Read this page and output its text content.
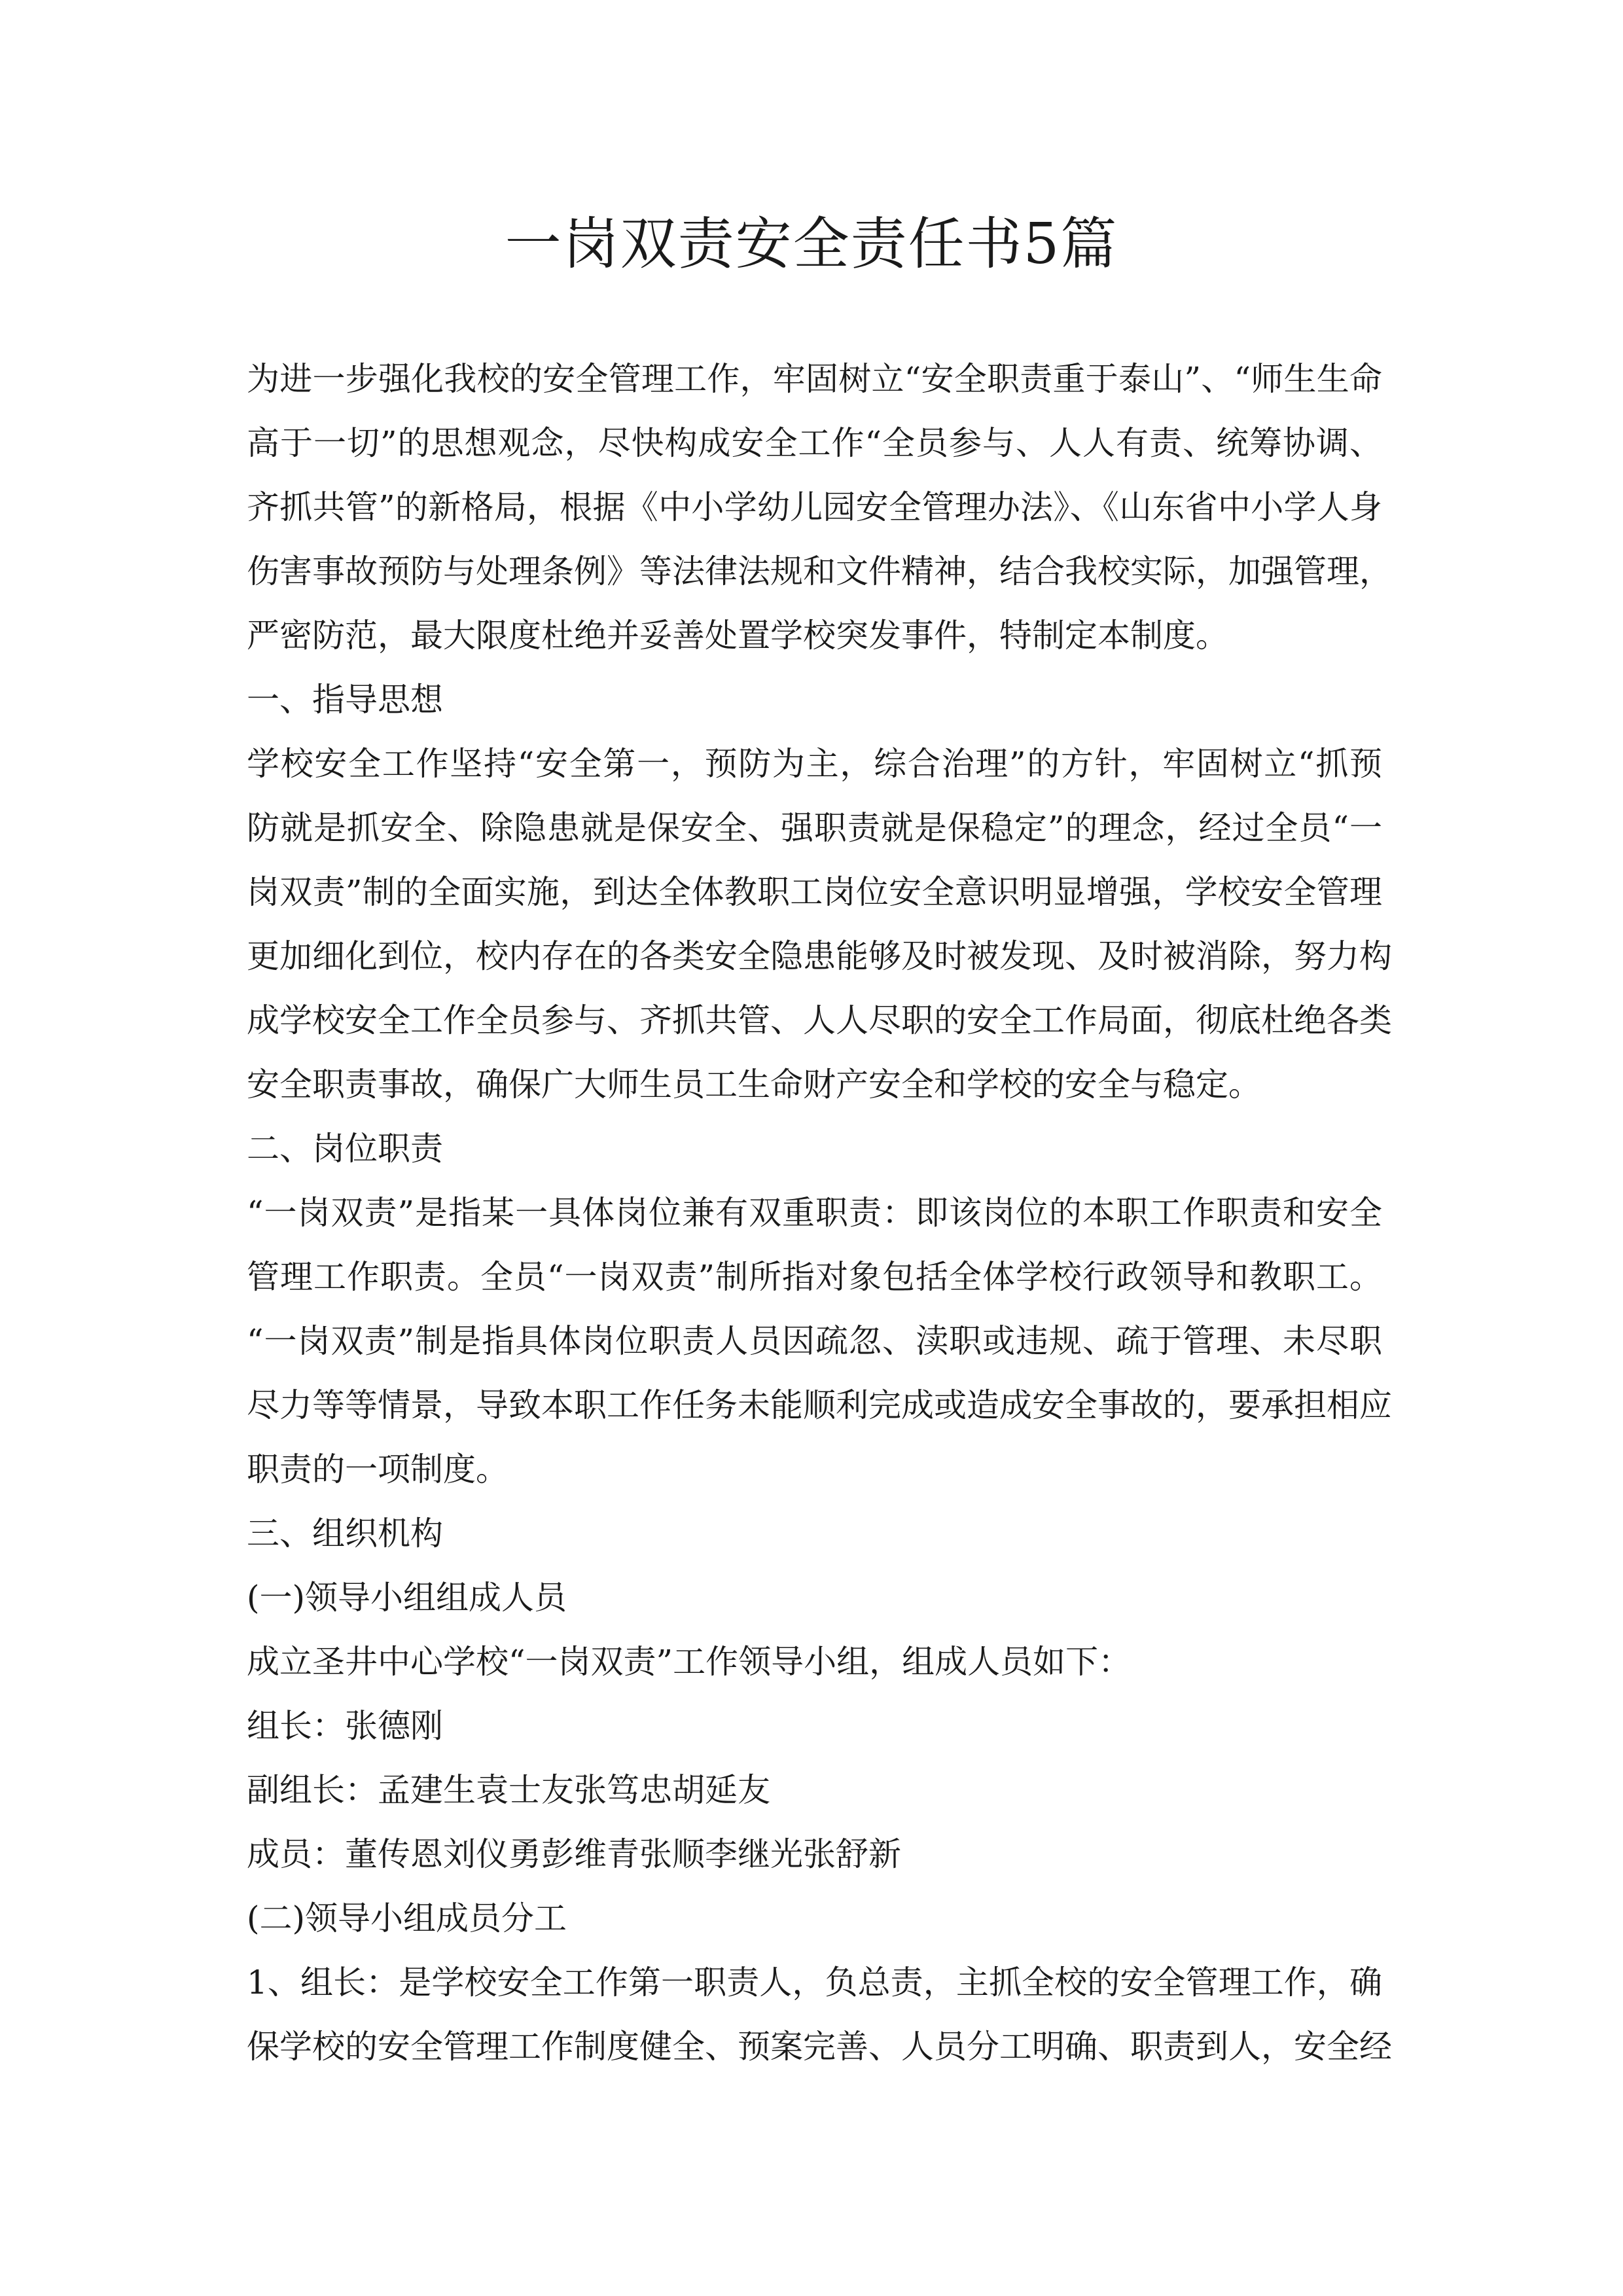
一岗双责安全责任书5篇

为进一步强化我校的安全管理工作，牢固树立“安全职责重于泰山”、“师生生命

高于一切”的思想观念，尽快构成安全工作“全员参与、人人有责、统筹协调、

齐抓共管”的新格局，根据《中小学幼儿园安全管理办法》、《山东省中小学人身

伤害事故预防与处理条例》等法律法规和文件精神，结合我校实际，加强管理，

严密防范，最大限度杜绝并妥善处置学校突发事件，特制定本制度。

一、指导思想

学校安全工作坚持“安全第一，预防为主，综合治理”的方针，牢固树立“抓预

防就是抓安全、除隐患就是保安全、强职责就是保稳定”的理念，经过全员“一

岗双责”制的全面实施，到达全体教职工岗位安全意识明显增强，学校安全管理

更加细化到位，校内存在的各类安全隐患能够及时被发现、及时被消除，努力构

成学校安全工作全员参与、齐抓共管、人人尽职的安全工作局面，彻底杜绝各类

安全职责事故，确保广大师生员工生命财产安全和学校的安全与稳定。

二、岗位职责

“一岗双责”是指某一具体岗位兼有双重职责：即该岗位的本职工作职责和安全

管理工作职责。全员“一岗双责”制所指对象包括全体学校行政领导和教职工。

“一岗双责”制是指具体岗位职责人员因疏忽、渎职或违规、疏于管理、未尽职

尽力等等情景，导致本职工作任务未能顺利完成或造成安全事故的，要承担相应

职责的一项制度。

三、组织机构

(一)领导小组组成人员

成立圣井中心学校“一岗双责”工作领导小组，组成人员如下：

组长：张德刚

副组长：孟建生袁士友张笃忠胡延友

成员：董传恩刘仪勇彭维青张顺李继光张舒新

(二)领导小组成员分工

1、组长：是学校安全工作第一职责人，负总责，主抓全校的安全管理工作，确

保学校的安全管理工作制度健全、预案完善、人员分工明确、职责到人，安全经
